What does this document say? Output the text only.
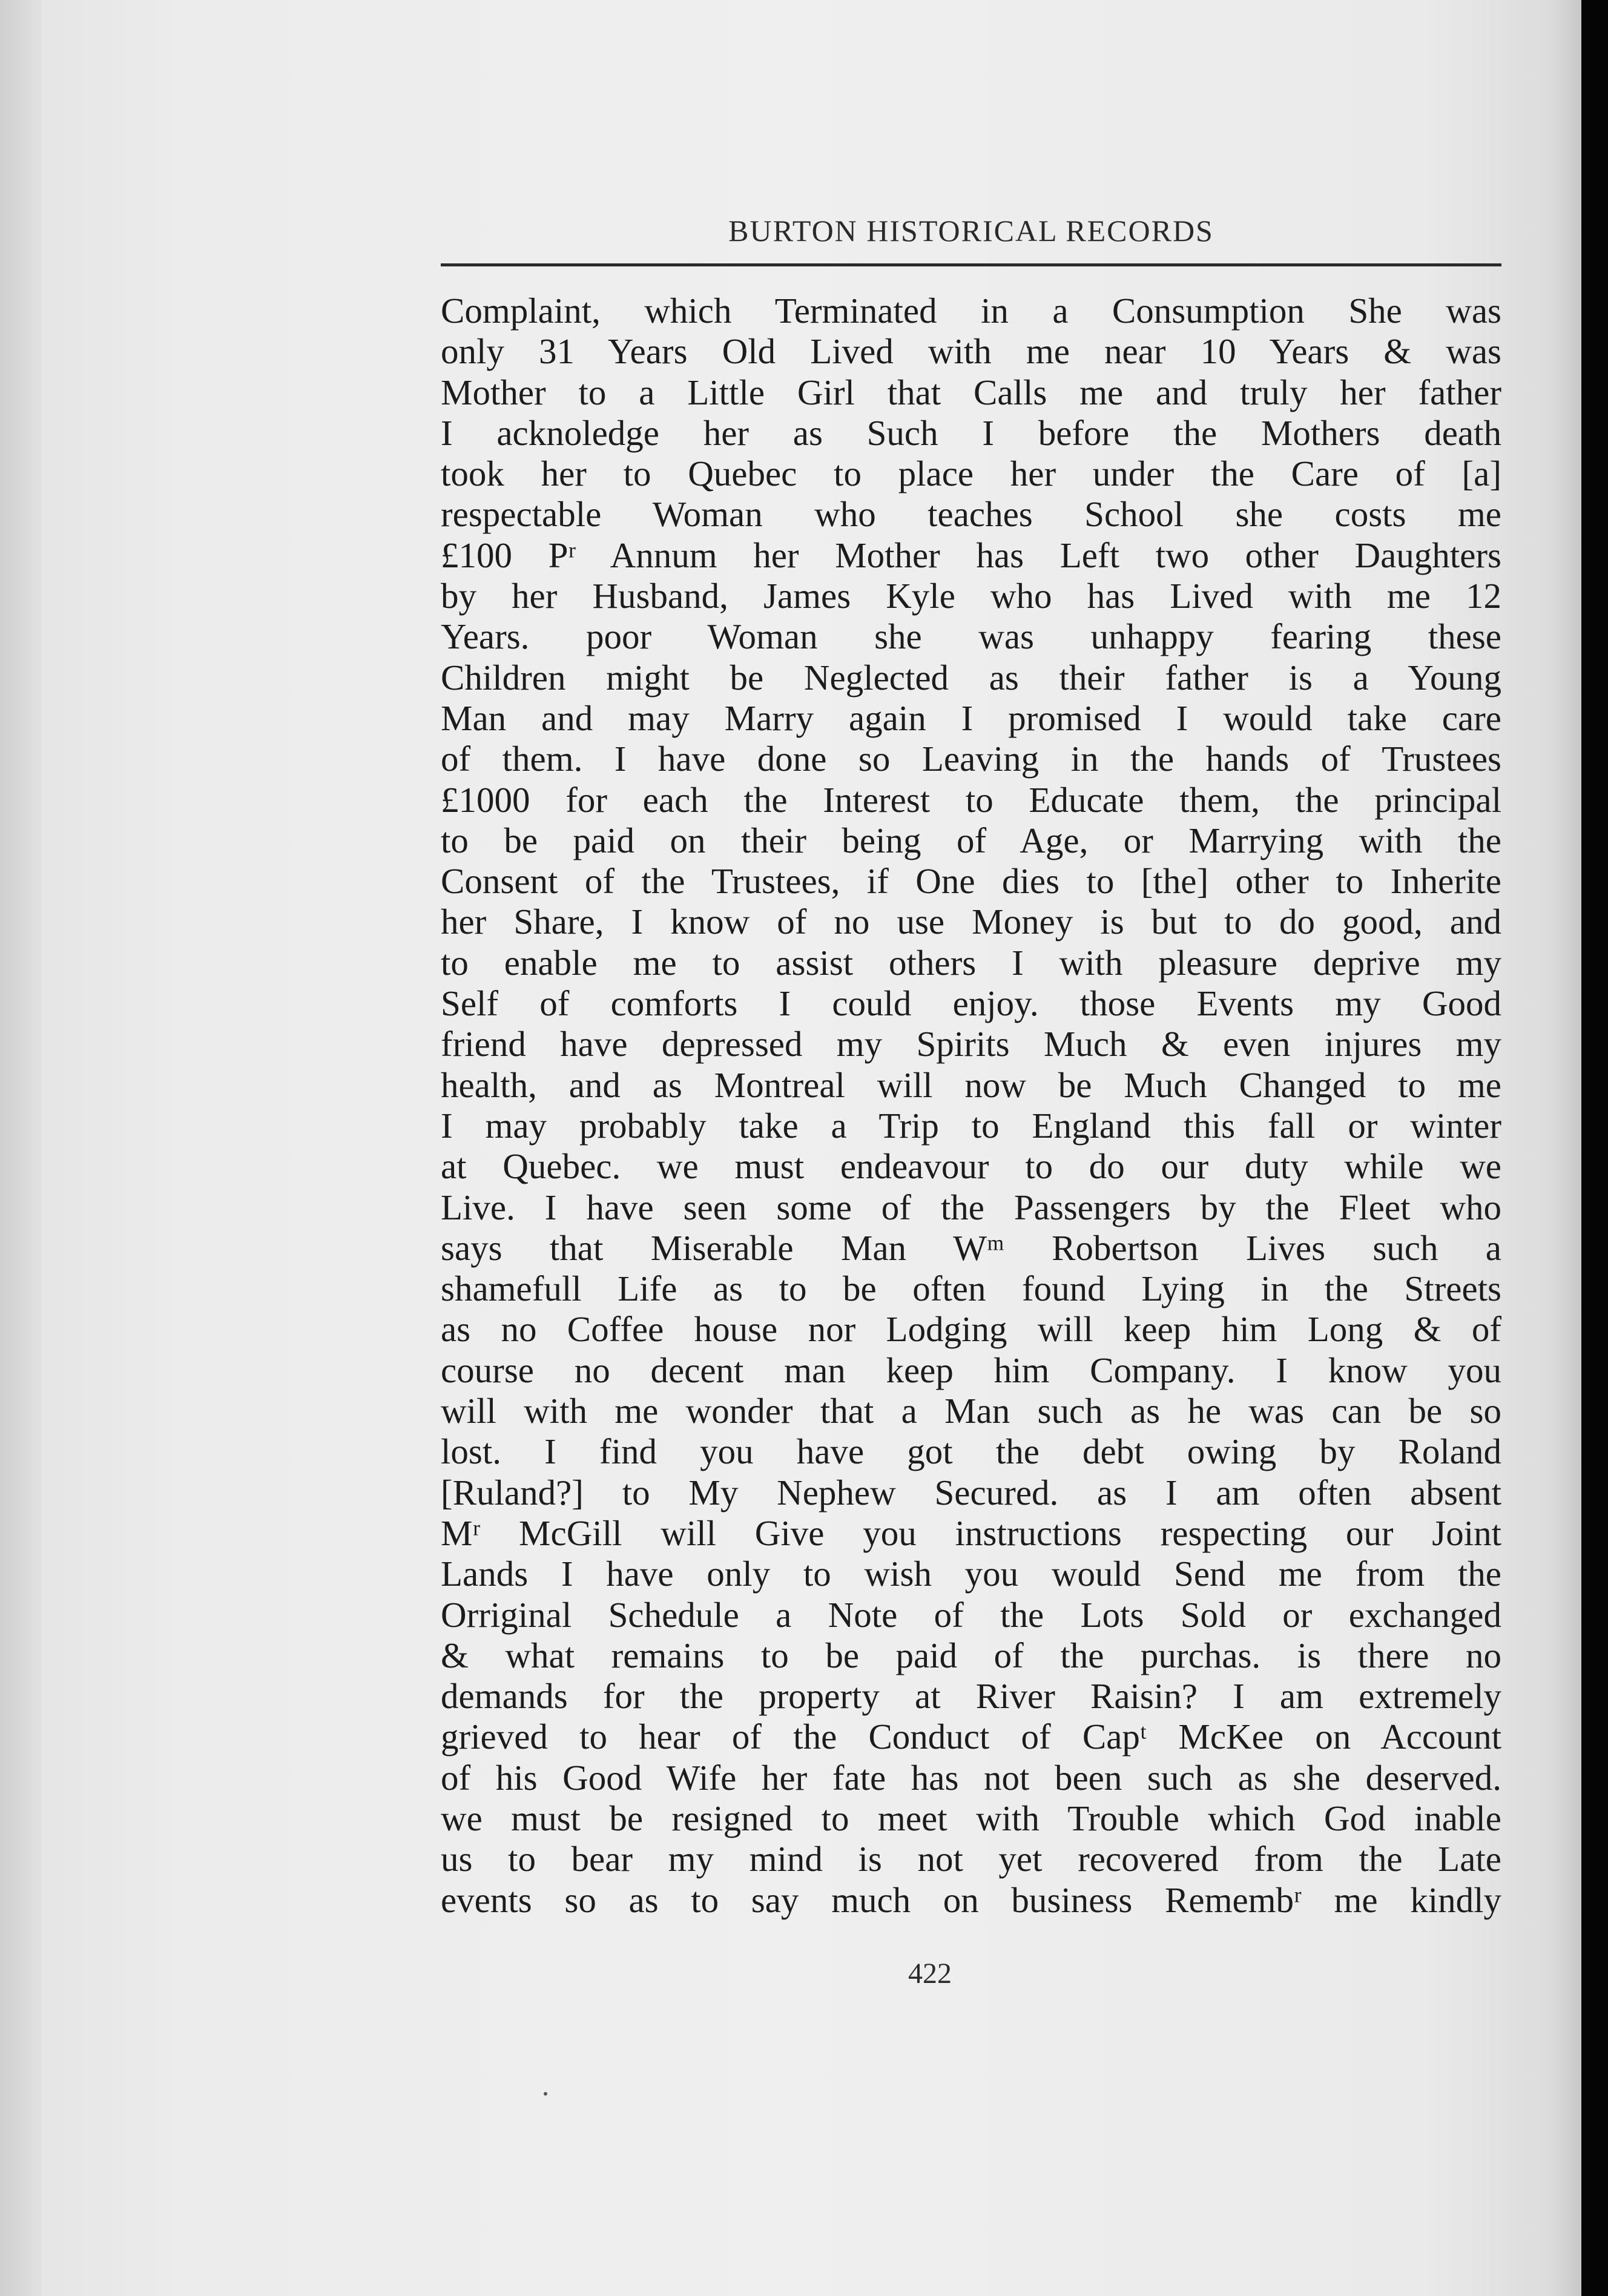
BURTON HISTORICAL RECORDS
Complaint, which Terminated in a Consumption She was
only 31 Years Old Lived with me near 10 Years & was
Mother to a Little Girl that Calls me and truly her father
I acknoledge her as Such I before the Mothers death
took her to Quebec to place her under the Care of [a]
respectable Woman who teaches School she costs me
£100 Pʳ Annum her Mother has Left two other Daughters
by her Husband, James Kyle who has Lived with me 12
Years. poor Woman she was unhappy fearing these
Children might be Neglected as their father is a Young
Man and may Marry again I promised I would take care
of them. I have done so Leaving in the hands of Trustees
£1000 for each the Interest to Educate them, the principal
to be paid on their being of Age, or Marrying with the
Consent of the Trustees, if One dies to [the] other to Inherite
her Share, I know of no use Money is but to do good, and
to enable me to assist others I with pleasure deprive my
Self of comforts I could enjoy. those Events my Good
friend have depressed my Spirits Much & even injures my
health, and as Montreal will now be Much Changed to me
I may probably take a Trip to England this fall or winter
at Quebec. we must endeavour to do our duty while we
Live. I have seen some of the Passengers by the Fleet who
says that Miserable Man Wᵐ Robertson Lives such a
shamefull Life as to be often found Lying in the Streets
as no Coffee house nor Lodging will keep him Long & of
course no decent man keep him Company. I know you
will with me wonder that a Man such as he was can be so
lost. I find you have got the debt owing by Roland
[Ruland?] to My Nephew Secured. as I am often absent
Mʳ McGill will Give you instructions respecting our Joint
Lands I have only to wish you would Send me from the
Orriginal Schedule a Note of the Lots Sold or exchanged
& what remains to be paid of the purchas. is there no
demands for the property at River Raisin? I am extremely
grieved to hear of the Conduct of Capᵗ McKee on Account
of his Good Wife her fate has not been such as she deserved.
we must be resigned to meet with Trouble which God inable
us to bear my mind is not yet recovered from the Late
events so as to say much on business Remembʳ me kindly
422
